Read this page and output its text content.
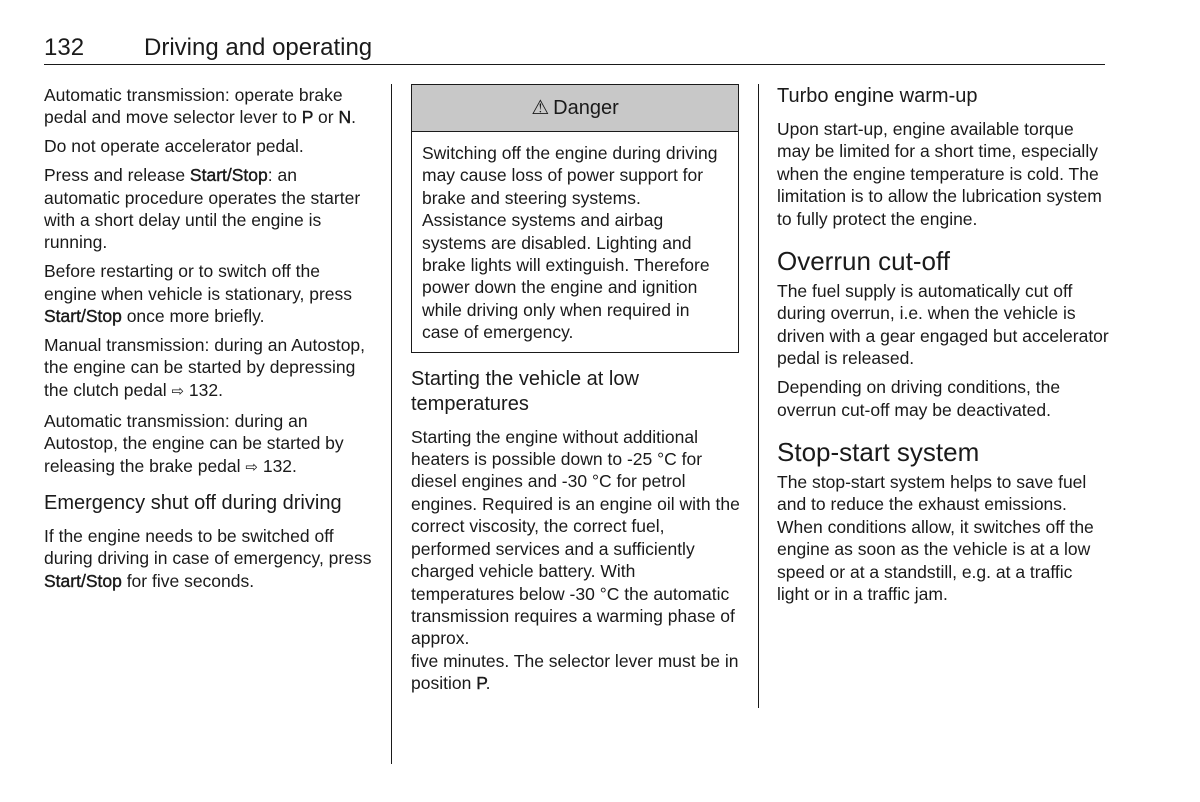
132 Driving and operating

Automatic transmission: operate brake pedal and move selector lever to P or N.

Do not operate accelerator pedal.

Press and release Start/Stop: an automatic procedure operates the starter with a short delay until the engine is running.

Before restarting or to switch off the engine when vehicle is stationary, press Start/Stop once more briefly.

Manual transmission: during an Autostop, the engine can be started by depressing the clutch pedal ⇨ 132.

Automatic transmission: during an Autostop, the engine can be started by releasing the brake pedal ⇨ 132.

Emergency shut off during driving

If the engine needs to be switched off during driving in case of emergency, press Start/Stop for five seconds.

⚠ Danger

Switching off the engine during driving may cause loss of power support for brake and steering systems. Assistance systems and airbag systems are disabled. Lighting and brake lights will extinguish. Therefore power down the engine and ignition while driving only when required in case of emergency.

Starting the vehicle at low temperatures

Starting the engine without additional heaters is possible down to -25 °C for diesel engines and -30 °C for petrol engines. Required is an engine oil with the correct viscosity, the correct fuel, performed services and a sufficiently charged vehicle battery. With temperatures below -30 °C the automatic transmission requires a warming phase of approx.

five minutes. The selector lever must be in position P.

Turbo engine warm-up

Upon start-up, engine available torque may be limited for a short time, especially when the engine temperature is cold. The limitation is to allow the lubrication system to fully protect the engine.

Overrun cut-off

The fuel supply is automatically cut off during overrun, i.e. when the vehicle is driven with a gear engaged but accelerator pedal is released.

Depending on driving conditions, the overrun cut-off may be deactivated.

Stop-start system

The stop-start system helps to save fuel and to reduce the exhaust emissions. When conditions allow, it switches off the engine as soon as the vehicle is at a low speed or at a standstill, e.g. at a traffic light or in a traffic jam.
